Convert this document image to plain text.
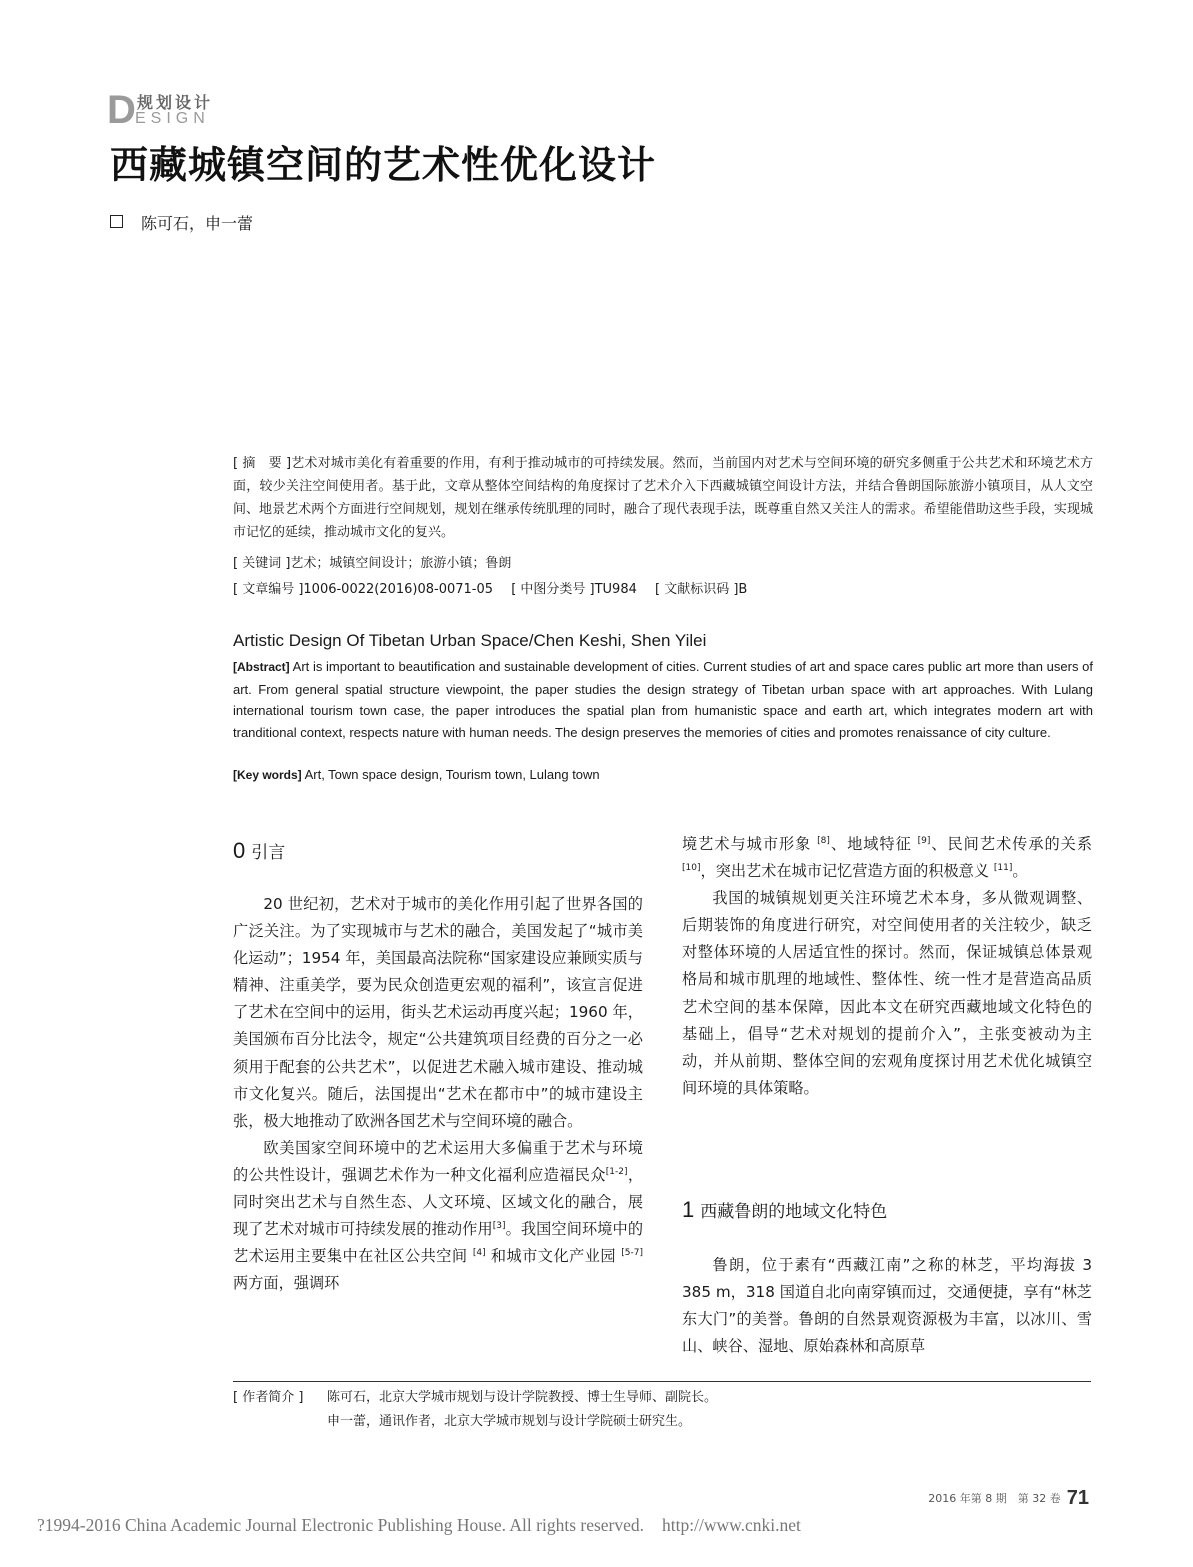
D 规划设计
ESIGN
西藏城镇空间的艺术性优化设计
陈可石，申一蕾

[ 摘　要 ]艺术对城市美化有着重要的作用，有利于推动城市的可持续发展。然而，当前国内对艺术与空间环境的研究多侧重于公共艺术和环境艺术方面，较少关注空间使用者。基于此，文章从整体空间结构的角度探讨了艺术介入下西藏城镇空间设计方法，并结合鲁朗国际旅游小镇项目，从人文空间、地景艺术两个方面进行空间规划，规划在继承传统肌理的同时，融合了现代表现手法，既尊重自然又关注人的需求。希望能借助这些手段，实现城市记忆的延续，推动城市文化的复兴。

[ 关键词 ]艺术；城镇空间设计；旅游小镇；鲁朗
[ 文章编号 ]1006-0022(2016)08-0071-05 [ 中图分类号 ]TU984 [ 文献标识码 ]B
Artistic Design Of Tibetan Urban Space/Chen Keshi, Shen Yilei
[Abstract] Art is important to beautification and sustainable development of cities. Current studies of art and space cares public art more than users of art. From general spatial structure viewpoint, the paper studies the design strategy of Tibetan urban space with art approaches. With Lulang international tourism town case, the paper introduces the spatial plan from humanistic space and earth art, which integrates modern art with tranditional context, respects nature with human needs. The design preserves the memories of cities and promotes renaissance of city culture.
[Key words] Art, Town space design, Tourism town, Lulang town
0 引言

20 世纪初，艺术对于城市的美化作用引起了世界各国的广泛关注。为了实现城市与艺术的融合，美国发起了“城市美化运动”；1954 年，美国最高法院称“国家建设应兼顾实质与精神、注重美学，要为民众创造更宏观的福利”，该宣言促进了艺术在空间中的运用，街头艺术运动再度兴起；1960 年，美国颁布百分比法令，规定“公共建筑项目经费的百分之一必须用于配套的公共艺术”，以促进艺术融入城市建设、推动城市文化复兴。随后，法国提出“艺术在都市中”的城市建设主张，极大地推动了欧洲各国艺术与空间环境的融合。

欧美国家空间环境中的艺术运用大多偏重于艺术与环境的公共性设计，强调艺术作为一种文化福利应造福民众[1-2]，同时突出艺术与自然生态、人文环境、区域文化的融合，展现了艺术对城市可持续发展的推动作用[3]。我国空间环境中的艺术运用主要集中在社区公共空间 [4] 和城市文化产业园 [5-7] 两方面，强调环

境艺术与城市形象 [8]、地域特征 [9]、民间艺术传承的关系 [10]，突出艺术在城市记忆营造方面的积极意义 [11]。

我国的城镇规划更关注环境艺术本身，多从微观调整、后期装饰的角度进行研究，对空间使用者的关注较少，缺乏对整体环境的人居适宜性的探讨。然而，保证城镇总体景观格局和城市肌理的地域性、整体性、统一性才是营造高品质艺术空间的基本保障，因此本文在研究西藏地域文化特色的基础上，倡导“艺术对规划的提前介入”，主张变被动为主动，并从前期、整体空间的宏观角度探讨用艺术优化城镇空间环境的具体策略。

1 西藏鲁朗的地域文化特色

鲁朗，位于素有“西藏江南”之称的林芝，平均海拔 3 385 m，318 国道自北向南穿镇而过，交通便捷，享有“林芝东大门”的美誉。鲁朗的自然景观资源极为丰富，以冰川、雪山、峡谷、湿地、原始森林和高原草

[ 作者简介 ] 陈可石，北京大学城市规划与设计学院教授、博士生导师、副院长。
申一蕾，通讯作者，北京大学城市规划与设计学院硕士研究生。
2016 年第 8 期　第 32 卷 71
?1994-2016 China Academic Journal Electronic Publishing House. All rights reserved. http://www.cnki.net
